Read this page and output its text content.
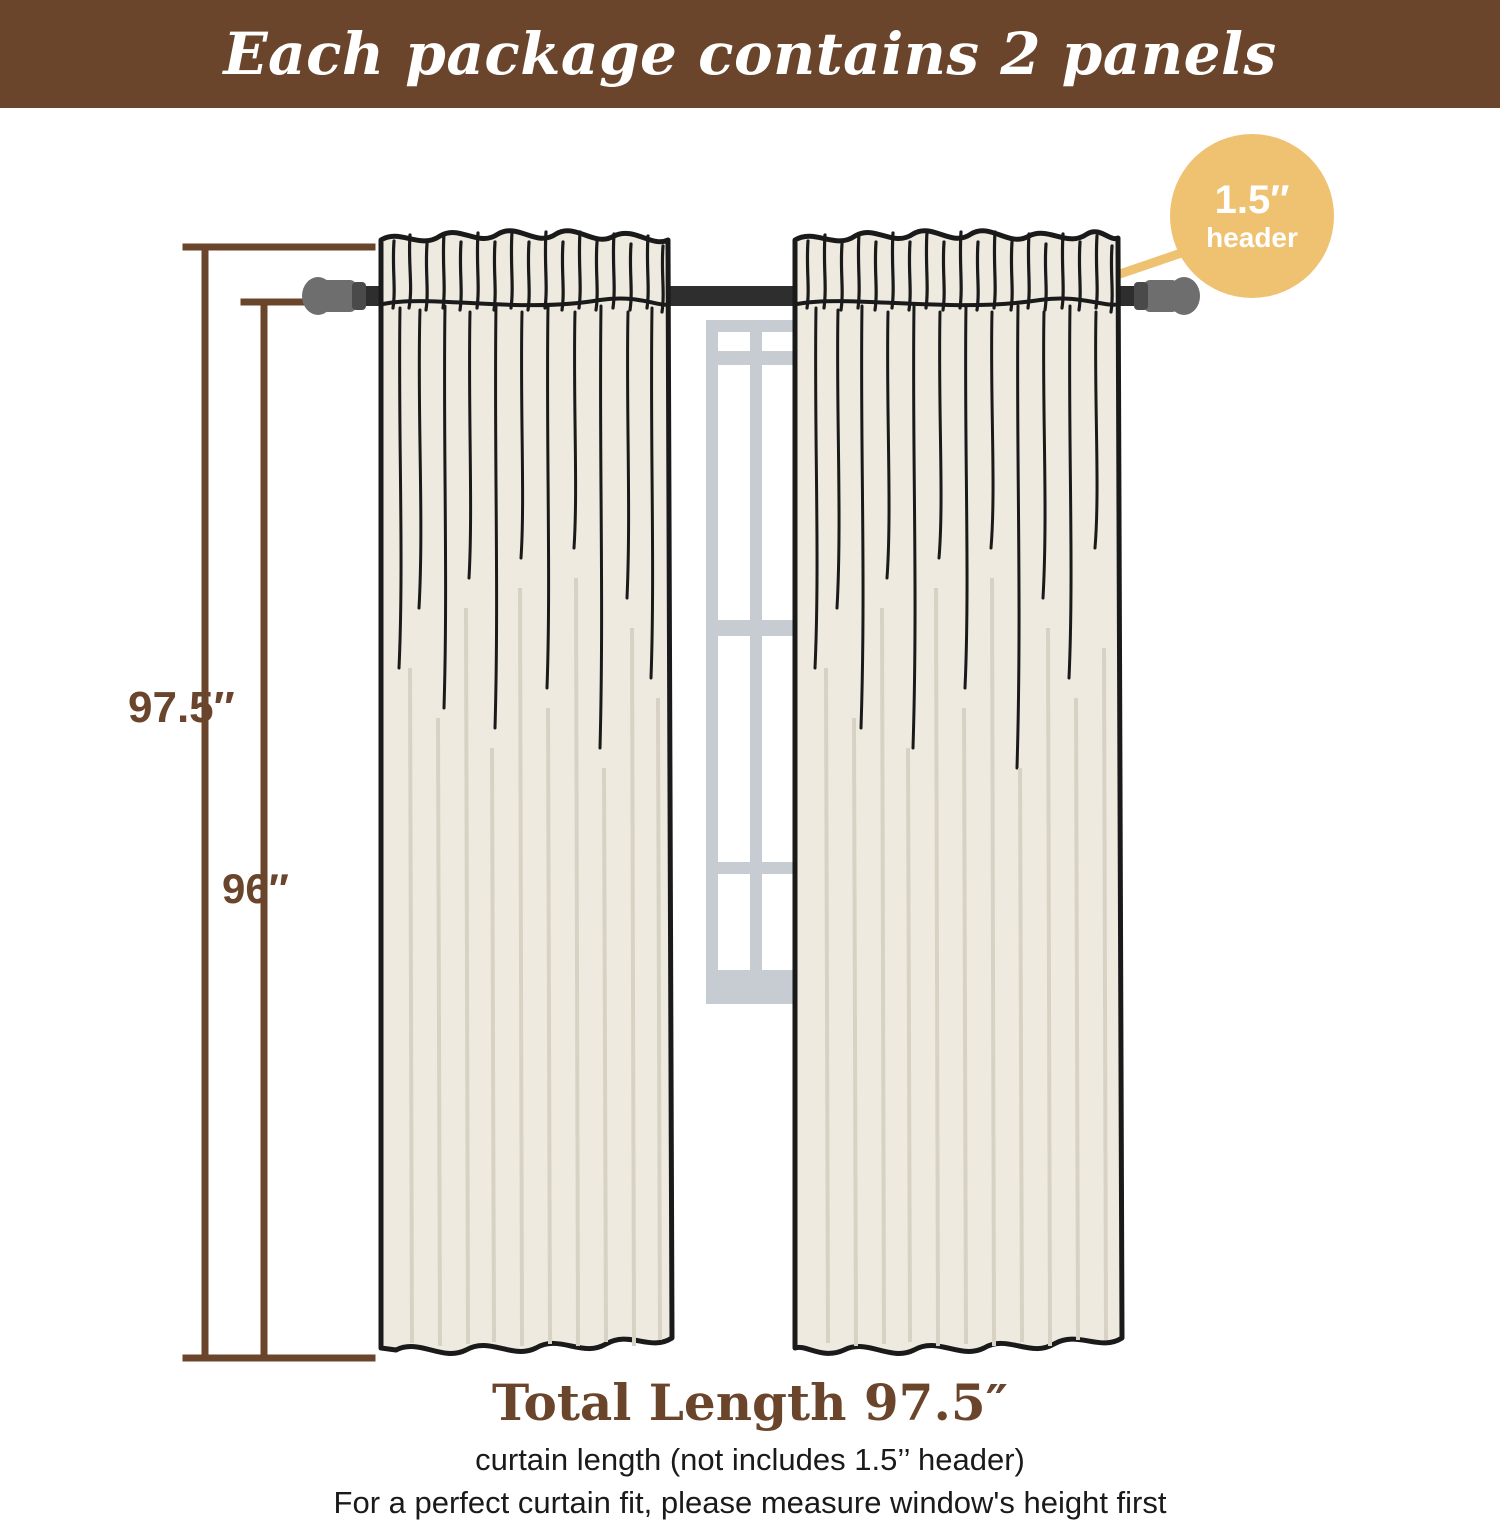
Each package contains 2 panels
97.5″
96″
1.5″
header
Total Length 97.5″
curtain length (not includes 1.5’’ header)
For a perfect curtain fit, please measure window's height first
